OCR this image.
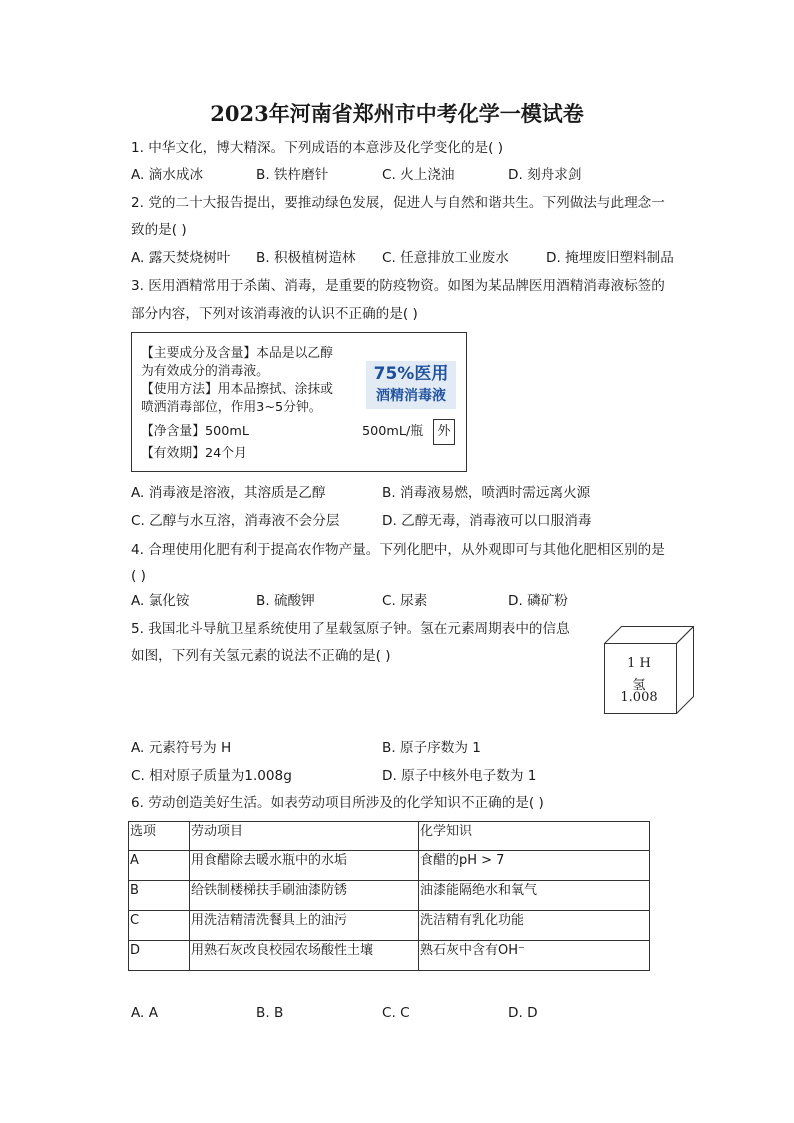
2023年河南省郑州市中考化学一模试卷
1. 中华文化，博大精深。下列成语的本意涉及化学变化的是( )
A. 滴水成冰	B. 铁杵磨针	C. 火上浇油	D. 刻舟求剑
2. 党的二十大报告提出，要推动绿色发展，促进人与自然和谐共生。下列做法与此理念一
致的是( )
A. 露天焚烧树叶 B. 积极植树造林 C. 任意排放工业废水	D. 掩埋废旧塑料制品
3. 医用酒精常用于杀菌、消毒，是重要的防疫物资。如图为某品牌医用酒精消毒液标签的
部分内容，下列对该消毒液的认识不正确的是( )
【主要成分及含量】本品是以乙醇
为有效成分的消毒液。
【使用方法】用本品擦拭、涂抹或
喷洒消毒部位，作用3~5分钟。
【净含量】500mL
【有效期】24个月
75%医用
酒精消毒液
500mL/瓶	外
A. 消毒液是溶液，其溶质是乙醇	B. 消毒液易燃，喷洒时需远离火源
C. 乙醇与水互溶，消毒液不会分层	D. 乙醇无毒，消毒液可以口服消毒
4. 合理使用化肥有利于提高农作物产量。下列化肥中，从外观即可与其他化肥相区别的是
( )
A. 氯化铵	B. 硫酸钾	C. 尿素	D. 磷矿粉
5. 我国北斗导航卫星系统使用了星载氢原子钟。氢在元素周期表中的信息
如图，下列有关氢元素的说法不正确的是( )	1 H
氢
1.008
A. 元素符号为 H	B. 原子序数为 1
C. 相对原子质量为1.008g	D. 原子中核外电子数为 1
6. 劳动创造美好生活。如表劳动项目所涉及的化学知识不正确的是( )
选项	劳动项目	化学知识
A	用食醋除去暖水瓶中的水垢	食醋的pH > 7
B	给铁制楼梯扶手刷油漆防锈	油漆能隔绝水和氧气
C	用洗洁精清洗餐具上的油污	洗洁精有乳化功能
D	用熟石灰改良校园农场酸性土壤	熟石灰中含有OH⁻
A. A	B. B	C. C	D. D
